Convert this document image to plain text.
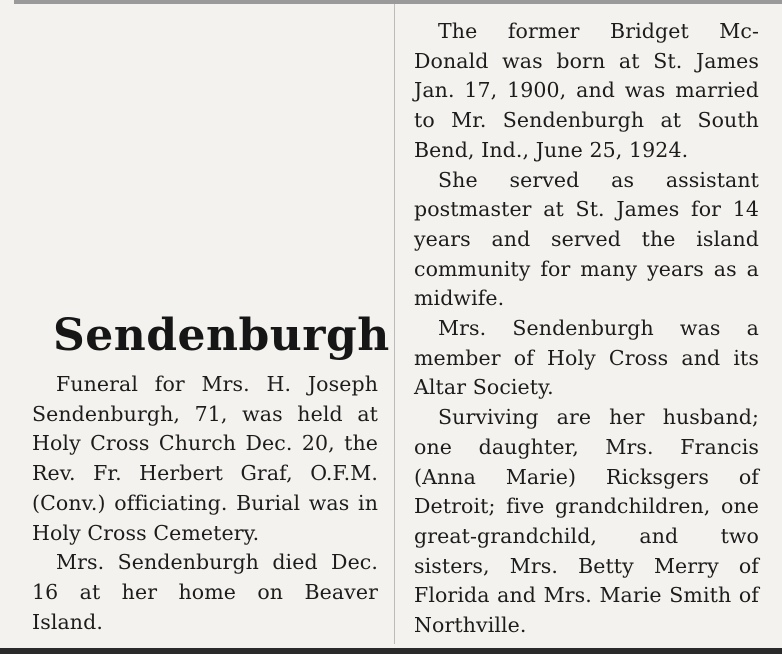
Sendenburgh

Funeral for Mrs. H. Joseph Sendenburgh, 71, was held at Holy Cross Church Dec. 20, the Rev. Fr. Herbert Graf, O.F.M. (Conv.) officiating. Burial was in Holy Cross Cemetery.

Mrs. Sendenburgh died Dec. 16 at her home on Beaver Island.

The former Bridget Mc-Donald was born at St. James Jan. 17, 1900, and was married to Mr. Sendenburgh at South Bend, Ind., June 25, 1924.

She served as assistant postmaster at St. James for 14 years and served the island community for many years as a midwife.

Mrs. Sendenburgh was a member of Holy Cross and its Altar Society.

Surviving are her husband; one daughter, Mrs. Francis (Anna Marie) Ricksgers of Detroit; five grandchildren, one great-grandchild, and two sisters, Mrs. Betty Merry of Florida and Mrs. Marie Smith of Northville.
